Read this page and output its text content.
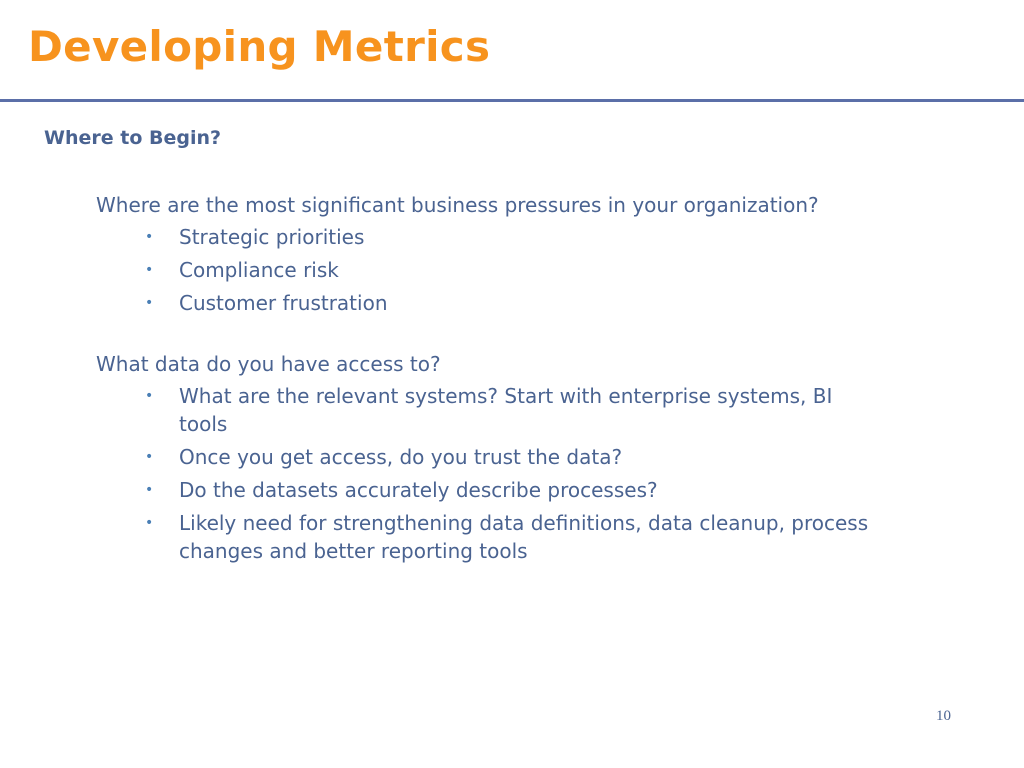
Developing Metrics
Where to Begin?

Where are the most significant business pressures in your organization?

• Strategic priorities
• Compliance risk
• Customer frustration

What data do you have access to?

• What are the relevant systems? Start with enterprise systems, BI tools
• Once you get access, do you trust the data?
• Do the datasets accurately describe processes?
• Likely need for strengthening data definitions, data cleanup, process changes and better reporting tools
10
